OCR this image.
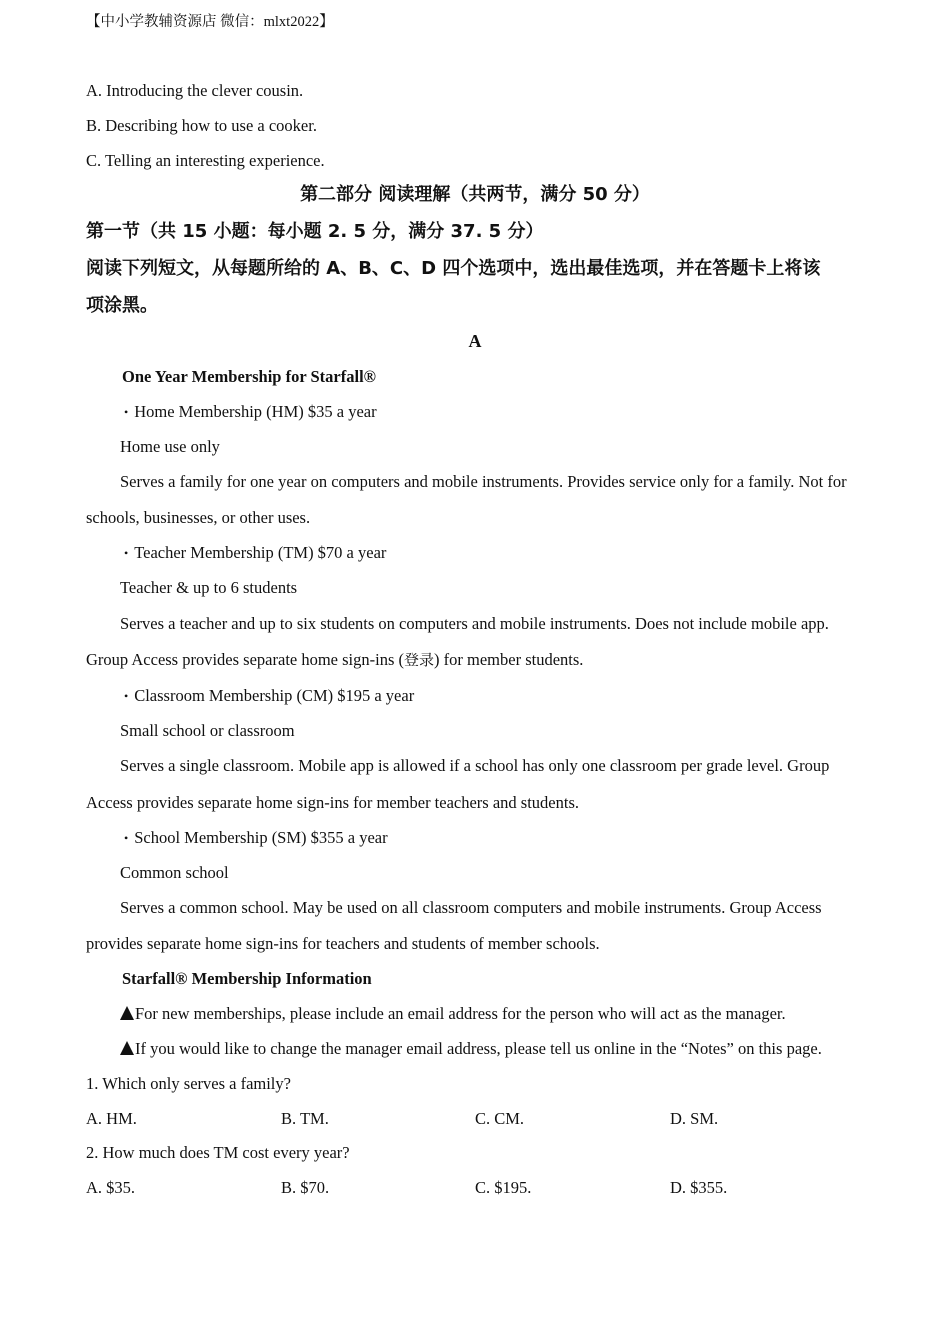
【中小学教辅资源店 微信：mlxt2022】
A. Introducing the clever cousin.
B. Describing how to use a cooker.
C. Telling an interesting experience.
第二部分 阅读理解（共两节，满分 50 分）
第一节（共 15 小题：每小题 2. 5 分，满分 37. 5 分）
阅读下列短文，从每题所给的 A、B、C、D 四个选项中，选出最佳选项，并在答题卡上将该
项涂黑。
A
One Year Membership for Starfall®
• Home Membership (HM) $35 a year
Home use only
Serves a family for one year on computers and mobile instruments. Provides service only for a family. Not for
schools, businesses, or other uses.
• Teacher Membership (TM) $70 a year
Teacher & up to 6 students
Serves a teacher and up to six students on computers and mobile instruments. Does not include mobile app.
Group Access provides separate home sign-ins (登录) for member students.
• Classroom Membership (CM) $195 a year
Small school or classroom
Serves a single classroom. Mobile app is allowed if a school has only one classroom per grade level. Group
Access provides separate home sign-ins for member teachers and students.
• School Membership (SM) $355 a year
Common school
Serves a common school. May be used on all classroom computers and mobile instruments. Group Access
provides separate home sign-ins for teachers and students of member schools.
Starfall® Membership Information
For new memberships, please include an email address for the person who will act as the manager.
If you would like to change the manager email address, please tell us online in the “Notes” on this page.
1. Which only serves a family?
A. HM.	B. TM.	C. CM.	D. SM.
2. How much does TM cost every year?
A. $35.	B. $70.	C. $195.	D. $355.
